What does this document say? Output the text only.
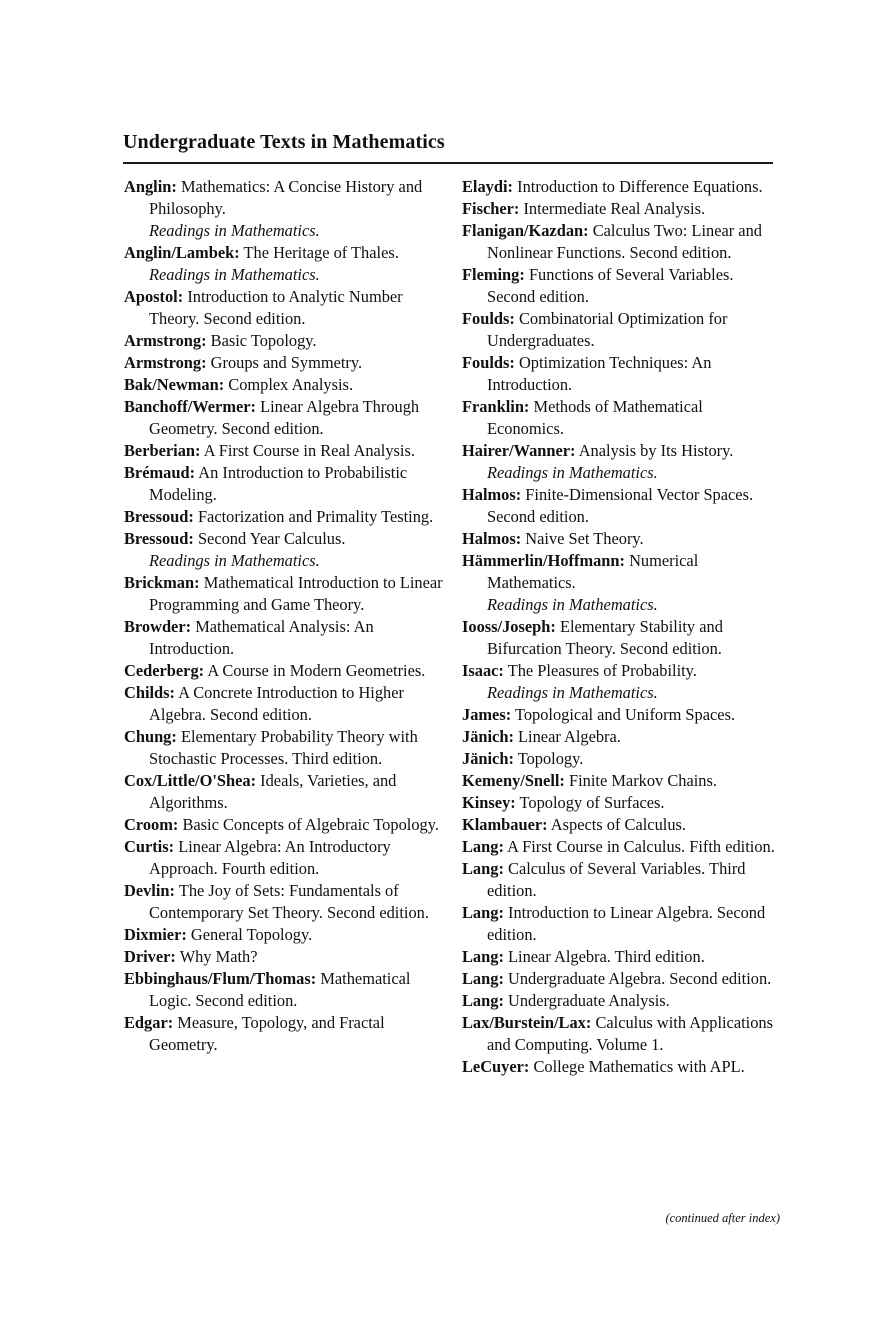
Undergraduate Texts in Mathematics
Anglin: Mathematics: A Concise History and Philosophy.
Readings in Mathematics.
Anglin/Lambek: The Heritage of Thales.
Readings in Mathematics.
Apostol: Introduction to Analytic Number Theory. Second edition.
Armstrong: Basic Topology.
Armstrong: Groups and Symmetry.
Bak/Newman: Complex Analysis.
Banchoff/Wermer: Linear Algebra Through Geometry. Second edition.
Berberian: A First Course in Real Analysis.
Brémaud: An Introduction to Probabilistic Modeling.
Bressoud: Factorization and Primality Testing.
Bressoud: Second Year Calculus.
Readings in Mathematics.
Brickman: Mathematical Introduction to Linear Programming and Game Theory.
Browder: Mathematical Analysis: An Introduction.
Cederberg: A Course in Modern Geometries.
Childs: A Concrete Introduction to Higher Algebra. Second edition.
Chung: Elementary Probability Theory with Stochastic Processes. Third edition.
Cox/Little/O'Shea: Ideals, Varieties, and Algorithms.
Croom: Basic Concepts of Algebraic Topology.
Curtis: Linear Algebra: An Introductory Approach. Fourth edition.
Devlin: The Joy of Sets: Fundamentals of Contemporary Set Theory. Second edition.
Dixmier: General Topology.
Driver: Why Math?
Ebbinghaus/Flum/Thomas: Mathematical Logic. Second edition.
Edgar: Measure, Topology, and Fractal Geometry.
Elaydi: Introduction to Difference Equations.
Fischer: Intermediate Real Analysis.
Flanigan/Kazdan: Calculus Two: Linear and Nonlinear Functions. Second edition.
Fleming: Functions of Several Variables. Second edition.
Foulds: Combinatorial Optimization for Undergraduates.
Foulds: Optimization Techniques: An Introduction.
Franklin: Methods of Mathematical Economics.
Hairer/Wanner: Analysis by Its History.
Readings in Mathematics.
Halmos: Finite-Dimensional Vector Spaces. Second edition.
Halmos: Naive Set Theory.
Hämmerlin/Hoffmann: Numerical Mathematics.
Readings in Mathematics.
Iooss/Joseph: Elementary Stability and Bifurcation Theory. Second edition.
Isaac: The Pleasures of Probability.
Readings in Mathematics.
James: Topological and Uniform Spaces.
Jänich: Linear Algebra.
Jänich: Topology.
Kemeny/Snell: Finite Markov Chains.
Kinsey: Topology of Surfaces.
Klambauer: Aspects of Calculus.
Lang: A First Course in Calculus. Fifth edition.
Lang: Calculus of Several Variables. Third edition.
Lang: Introduction to Linear Algebra. Second edition.
Lang: Linear Algebra. Third edition.
Lang: Undergraduate Algebra. Second edition.
Lang: Undergraduate Analysis.
Lax/Burstein/Lax: Calculus with Applications and Computing. Volume 1.
LeCuyer: College Mathematics with APL.
(continued after index)
